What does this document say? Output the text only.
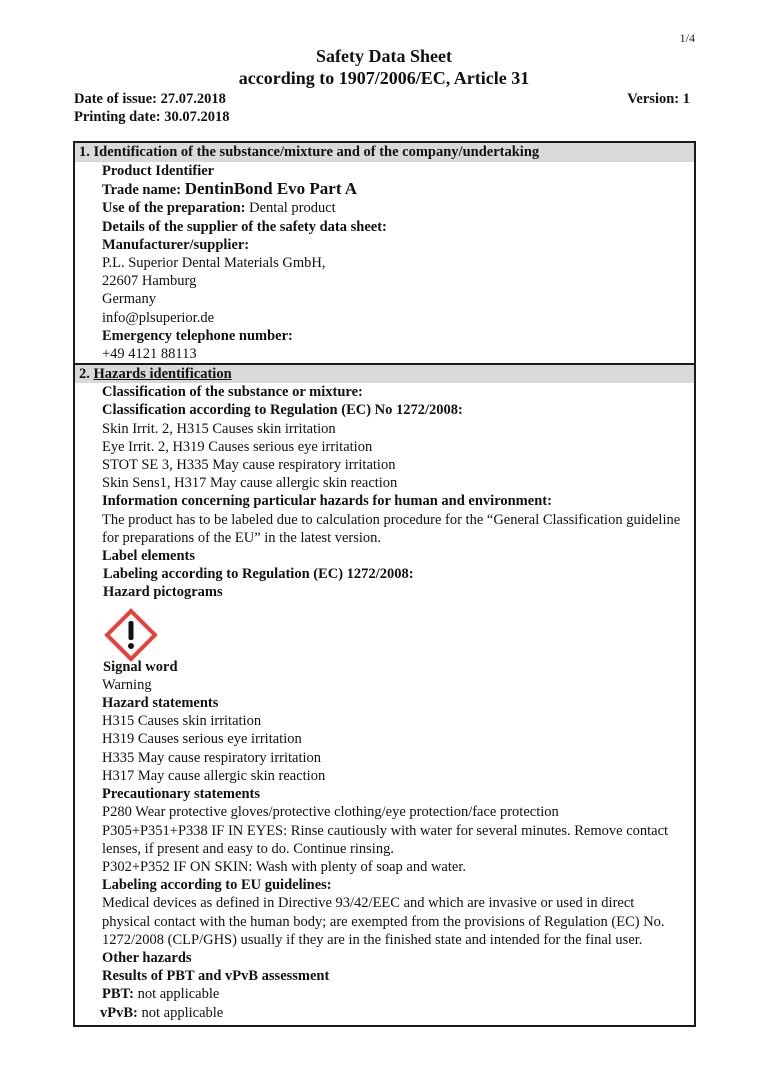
1/4
Safety Data Sheet
according to 1907/2006/EC, Article 31
Date of issue: 27.07.2018
Printing date: 30.07.2018
Version: 1
1. Identification of the substance/mixture and of the company/undertaking
Product Identifier
Trade name: DentinBond Evo Part A
Use of the preparation: Dental product
Details of the supplier of the safety data sheet:
Manufacturer/supplier:
P.L. Superior Dental Materials GmbH,
22607 Hamburg
Germany
info@plsuperior.de
Emergency telephone number:
+49 4121 88113
2. Hazards identification
Classification of the substance or mixture:
Classification according to Regulation (EC) No 1272/2008:
Skin Irrit. 2, H315 Causes skin irritation
Eye Irrit. 2, H319 Causes serious eye irritation
STOT SE 3, H335 May cause respiratory irritation
Skin Sens1, H317 May cause allergic skin reaction
Information concerning particular hazards for human and environment:
The product has to be labeled due to calculation procedure for the “General Classification guideline for preparations of the EU” in the latest version.
Label elements
Labeling according to Regulation (EC) 1272/2008:
Hazard pictograms
Signal word
Warning
Hazard statements
H315 Causes skin irritation
H319 Causes serious eye irritation
H335 May cause respiratory irritation
H317 May cause allergic skin reaction
Precautionary statements
P280 Wear protective gloves/protective clothing/eye protection/face protection
P305+P351+P338 IF IN EYES: Rinse cautiously with water for several minutes. Remove contact lenses, if present and easy to do. Continue rinsing.
P302+P352 IF ON SKIN: Wash with plenty of soap and water.
Labeling according to EU guidelines:
Medical devices as defined in Directive 93/42/EEC and which are invasive or used in direct physical contact with the human body; are exempted from the provisions of Regulation (EC) No. 1272/2008 (CLP/GHS) usually if they are in the finished state and intended for the final user.
Other hazards
Results of PBT and vPvB assessment
PBT: not applicable
vPvB: not applicable
